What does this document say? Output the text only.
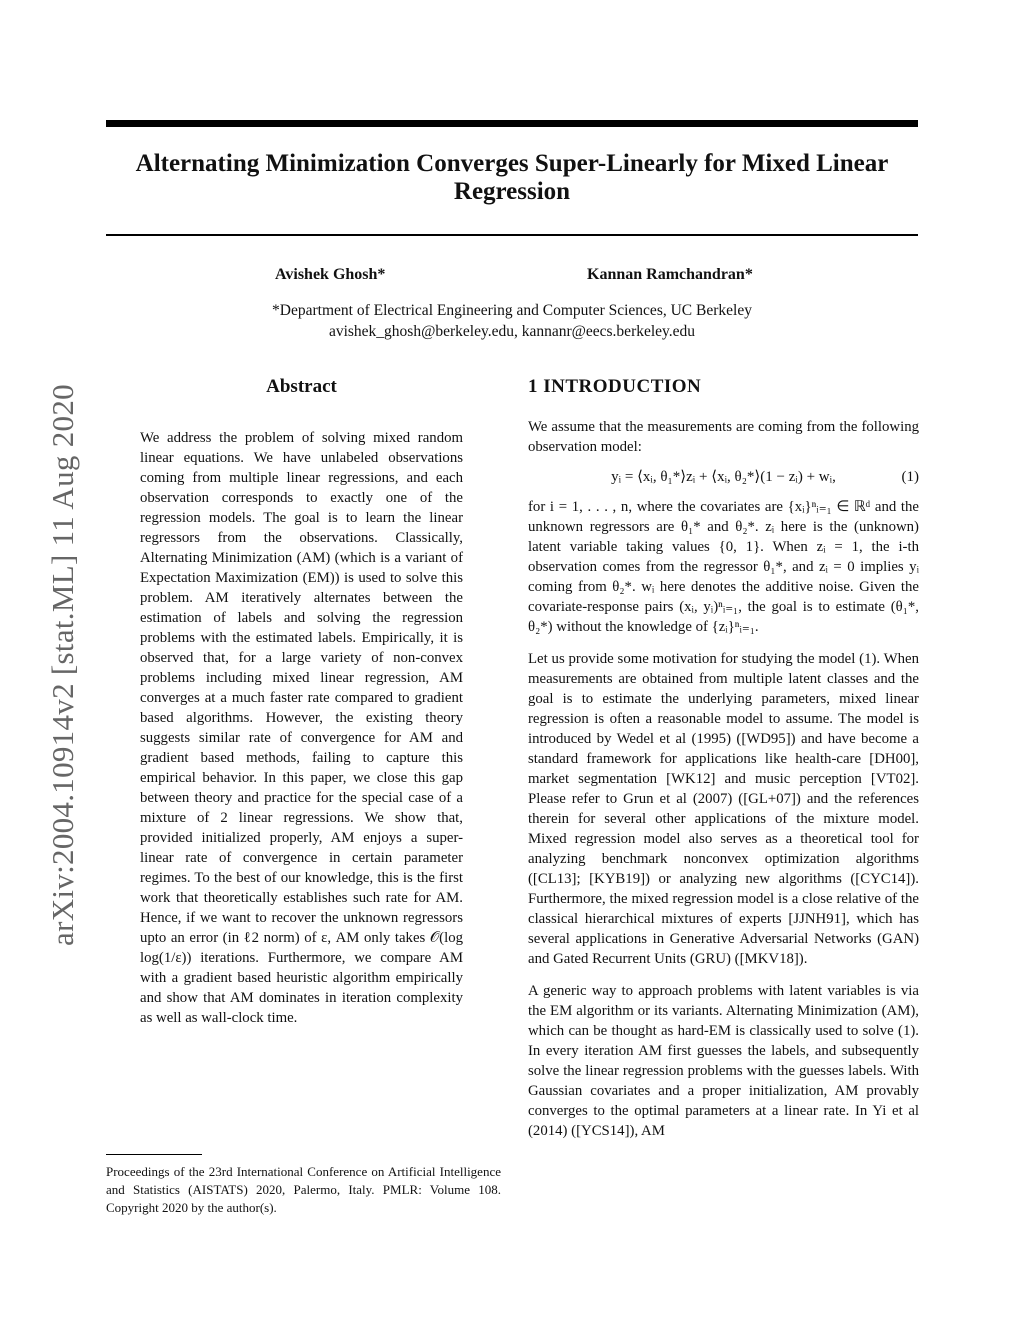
Alternating Minimization Converges Super-Linearly for Mixed Linear Regression
Avishek Ghosh*	Kannan Ramchandran*
*Department of Electrical Engineering and Computer Sciences, UC Berkeley
avishek_ghosh@berkeley.edu, kannanr@eecs.berkeley.edu
arXiv:2004.10914v2 [stat.ML] 11 Aug 2020	Abstract

We address the problem of solving mixed random linear equations. We have unlabeled observations coming from multiple linear regressions, and each observation corresponds to exactly one of the regression models. The goal is to learn the linear regressors from the observations. Classically, Alternating Minimization (AM) (which is a variant of Expectation Maximization (EM)) is used to solve this problem. AM iteratively alternates between the estimation of labels and solving the regression problems with the estimated labels. Empirically, it is observed that, for a large variety of non-convex problems including mixed linear regression, AM converges at a much faster rate compared to gradient based algorithms. However, the existing theory suggests similar rate of convergence for AM and gradient based methods, failing to capture this empirical behavior. In this paper, we close this gap between theory and practice for the special case of a mixture of 2 linear regressions. We show that, provided initialized properly, AM enjoys a super-linear rate of convergence in certain parameter regimes. To the best of our knowledge, this is the first work that theoretically establishes such rate for AM. Hence, if we want to recover the unknown regressors upto an error (in ℓ2 norm) of ε, AM only takes 𝒪(log log(1/ε)) iterations. Furthermore, we compare AM with a gradient based heuristic algorithm empirically and show that AM dominates in iteration complexity as well as wall-clock time.

1 INTRODUCTION

We assume that the measurements are coming from the following observation model:

yᵢ = ⟨xᵢ, θ₁*⟩zᵢ + ⟨xᵢ, θ₂*⟩(1 − zᵢ) + wᵢ,	(1)

for i = 1, . . . , n, where the covariates are {xᵢ}ⁿᵢ₌₁ ∈ ℝᵈ and the unknown regressors are θ₁* and θ₂*. zᵢ here is the (unknown) latent variable taking values {0, 1}. When zᵢ = 1, the i-th observation comes from the regressor θ₁*, and zᵢ = 0 implies yᵢ coming from θ₂*. wᵢ here denotes the additive noise. Given the covariate-response pairs (xᵢ, yᵢ)ⁿᵢ₌₁, the goal is to estimate (θ₁*, θ₂*) without the knowledge of {zᵢ}ⁿᵢ₌₁.

Let us provide some motivation for studying the model (1). When measurements are obtained from multiple latent classes and the goal is to estimate the underlying parameters, mixed linear regression is often a reasonable model to assume. The model is introduced by Wedel et al (1995) ([WD95]) and have become a standard framework for applications like health-care [DH00], market segmentation [WK12] and music perception [VT02]. Please refer to Grun et al (2007) ([GL+07]) and the references therein for several other applications of the mixture model. Mixed regression model also serves as a theoretical tool for analyzing benchmark nonconvex optimization algorithms ([CL13]; [KYB19]) or analyzing new algorithms ([CYC14]). Furthermore, the mixed regression model is a close relative of the classical hierarchical mixtures of experts [JJNH91], which has several applications in Generative Adversarial Networks (GAN) and Gated Recurrent Units (GRU) ([MKV18]).

A generic way to approach problems with latent variables is via the EM algorithm or its variants. Alternating Minimization (AM), which can be thought as hard-EM is classically used to solve (1). In every iteration AM first guesses the labels, and subsequently solve the linear regression problems with the guesses labels. With Gaussian covariates and a proper initialization, AM provably converges to the optimal parameters at a linear rate. In Yi et al (2014) ([YCS14]), AM

Proceedings of the 23rd International Conference on Artificial Intelligence and Statistics (AISTATS) 2020, Palermo, Italy. PMLR: Volume 108. Copyright 2020 by the author(s).
